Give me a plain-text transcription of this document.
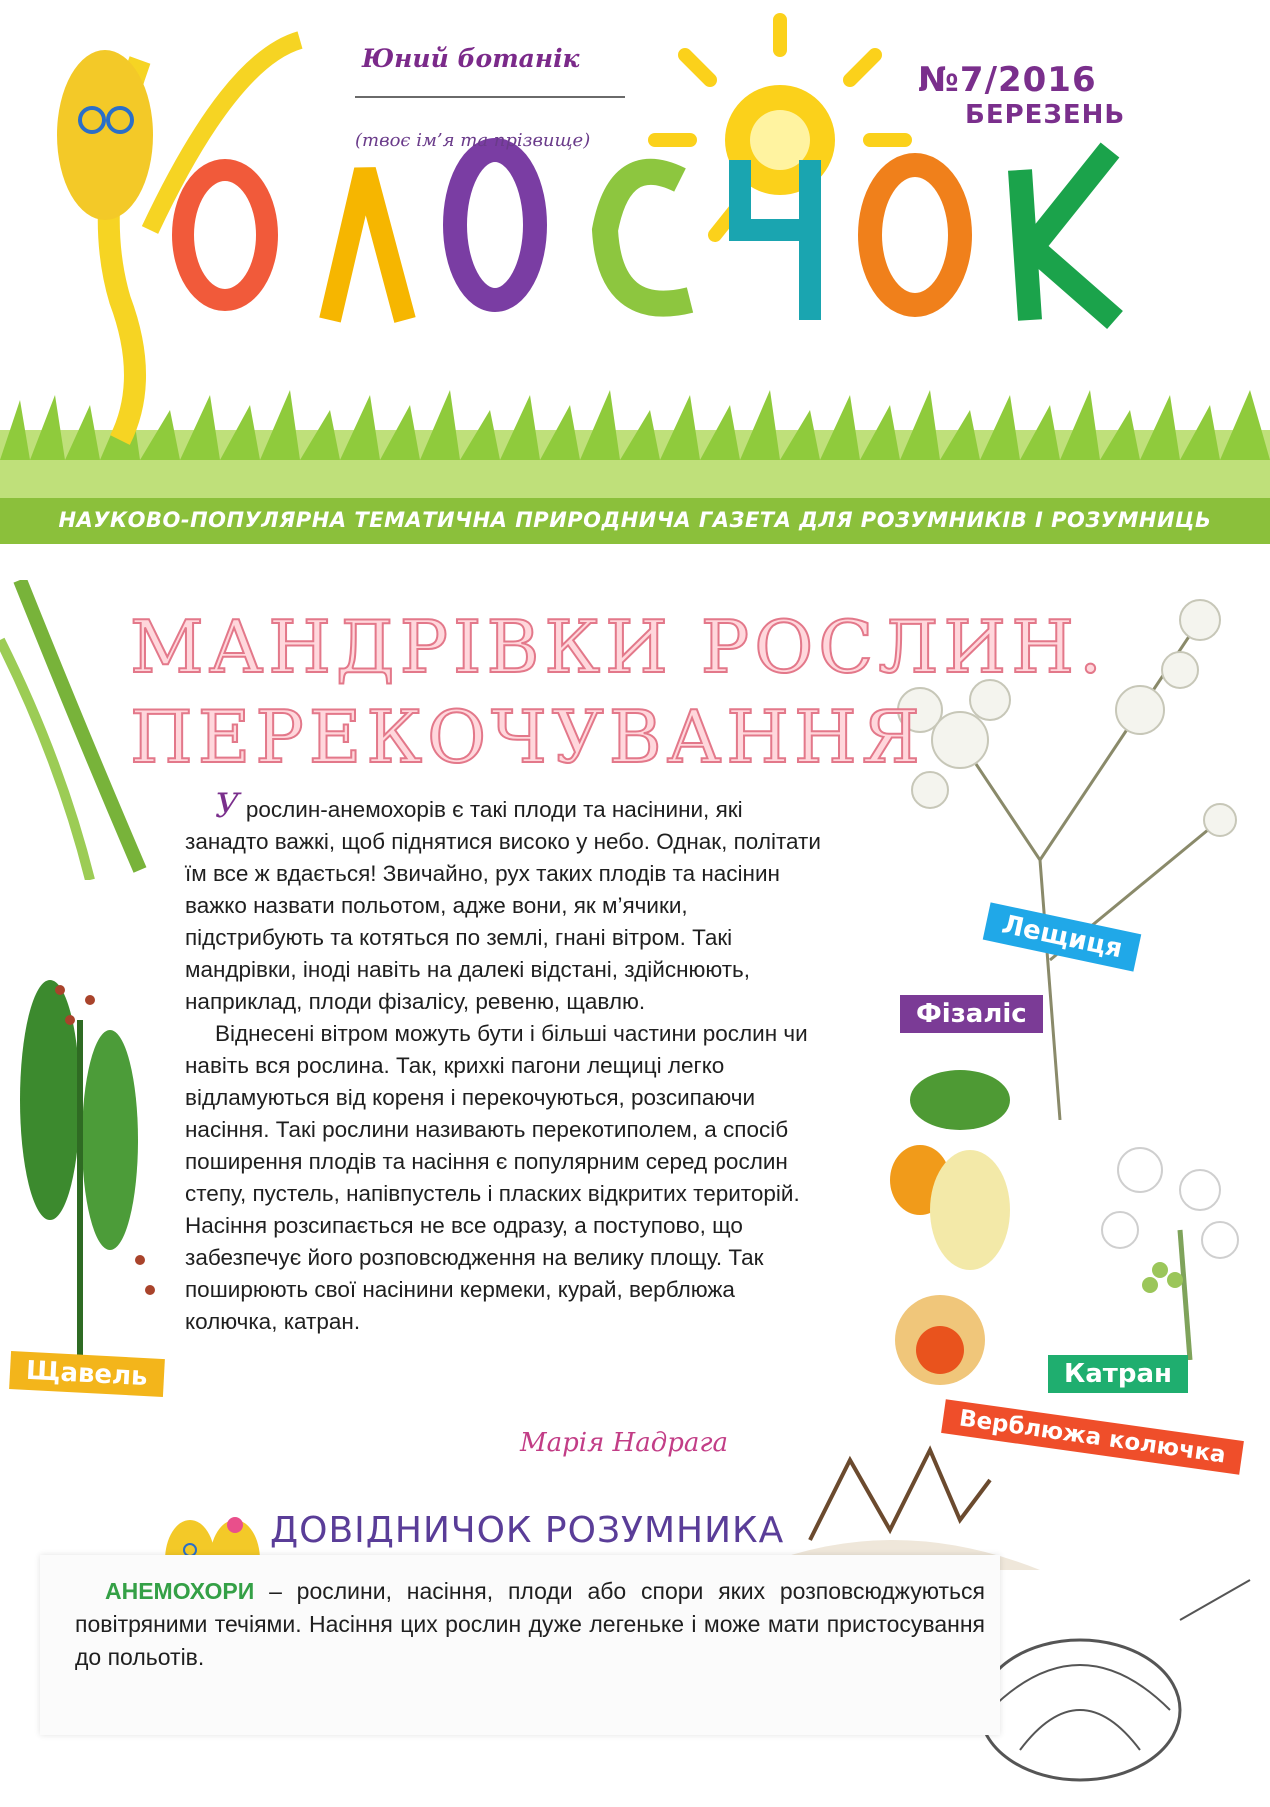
Юний ботанік
(твоє ім’я та прізвище)
№7/2016
БЕРЕЗЕНЬ
НАУКОВО-ПОПУЛЯРНА ТЕМАТИЧНА ПРИРОДНИЧА ГАЗЕТА ДЛЯ РОЗУМНИКІВ І РОЗУМНИЦЬ
МАНДРІВКИ РОСЛИН.
ПЕРЕКОЧУВАННЯ

У рослин-анемохорів є такі плоди та насінини, які занадто важкі, щоб піднятися високо у небо. Однак, політати їм все ж вдається! Звичайно, рух таких плодів та насінин важко назвати польотом, адже вони, як м’ячики, підстрибують та котяться по землі, гнані вітром. Такі мандрівки, іноді навіть на далекі відстані, здійснюють, наприклад, плоди фізалісу, ревеню, щавлю.

Віднесені вітром можуть бути і більші частини рослин чи навіть вся рослина. Так, крихкі пагони лещиці легко відламуються від кореня і перекочуються, розсипаючи насіння. Такі рослини називають перекотиполем, а спосіб поширення плодів та насіння є популярним серед рослин степу, пустель, напівпустель і пласких відкритих територій. Насіння розсипається не все одразу, а поступово, що забезпечує його розповсюдження на велику площу. Так поширюють свої насінини кермеки, курай, верблюжа колючка, катран.

Марія Надрага
Лещиця
Фізаліс
Щавель	Катран
Верблюжа колючка
ДОВІДНИЧОК РОЗУМНИКА
АНЕМОХОРИ – рослини, насіння, плоди або спори яких розповсюджуються повітряними течіями. Насіння цих рослин дуже легеньке і може мати пристосування до польотів.
